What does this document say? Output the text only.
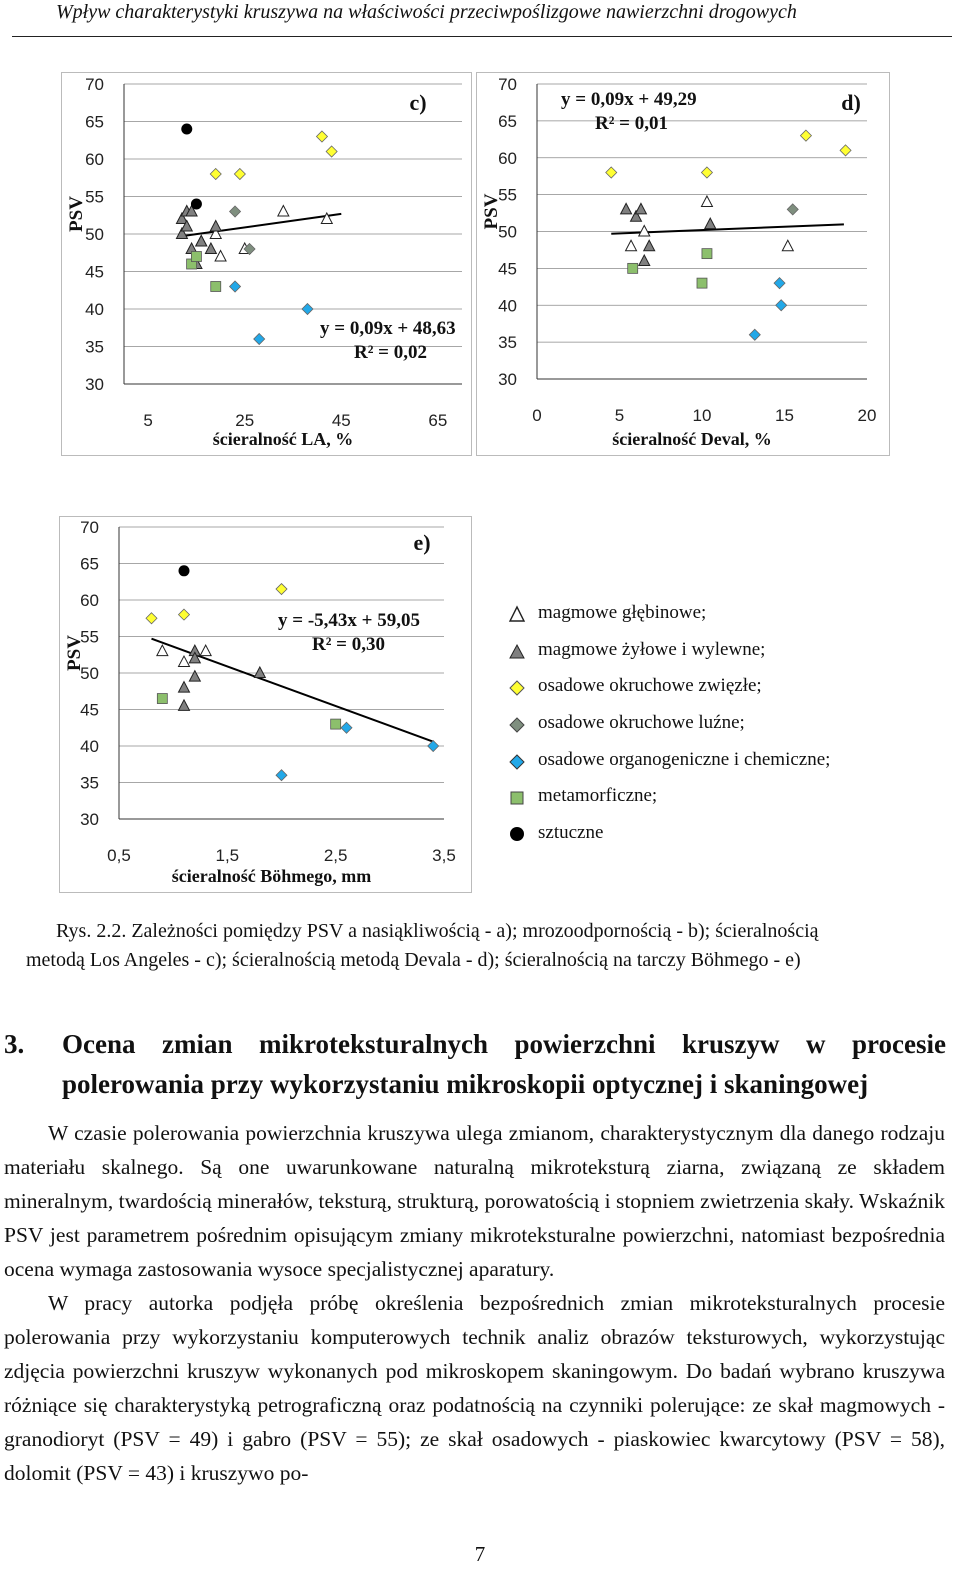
Wpływ charakterystyki kruszywa na właściwości przeciwpoślizgowe nawierzchni drogowych
30
35
40
45
50
55
60
65
70
5	25	45	65
ścieralność LA, %
PSV
c)
y = 0,09x + 48,63
R² = 0,02
30
35
40
45
50
55
60
65
70
0	5	10	15	20
ścieralność Deval, %
PSV
d)
y = 0,09x + 49,29
R² = 0,01
30
35
40
45
50
55
60
65
70
0,5	1,5	2,5	3,5
ścieralność Böhmego, mm
PSV
e)
y = -5,43x + 59,05
R² = 0,30
magmowe głębinowe;
magmowe żyłowe i wylewne;
osadowe okruchowe zwięzłe;
osadowe okruchowe luźne;
osadowe organogeniczne i chemiczne;
metamorficzne;
sztuczne
Rys. 2.2. Zależności pomiędzy PSV a nasiąkliwością - a); mrozoodpornością - b); ścieralnością
metodą Los Angeles - c); ścieralnością metodą Devala - d); ścieralnością na tarczy Böhmego - e)
3. Ocena zmian mikroteksturalnych powierzchni kruszyw w procesie
polerowania przy wykorzystaniu mikroskopii optycznej i skaningowej

W czasie polerowania powierzchnia kruszywa ulega zmianom, charakterystycznym dla danego rodzaju materiału skalnego. Są one uwarunkowane naturalną mikroteksturą ziarna, związaną ze składem mineralnym, twardością minerałów, teksturą, strukturą, porowatością i stopniem zwietrzenia skały. Wskaźnik PSV jest parametrem pośrednim opisującym zmiany mikroteksturalne powierzchni, natomiast bezpośrednia ocena wymaga zastosowania wysoce specjalistycznej aparatury.

W pracy autorka podjęła próbę określenia bezpośrednich zmian mikroteksturalnych procesie polerowania przy wykorzystaniu komputerowych technik analiz obrazów teksturowych, wykorzystując zdjęcia powierzchni kruszyw wykonanych pod mikroskopem skaningowym. Do badań wybrano kruszywa różniące się charakterystyką petrograficzną oraz podatnością na czynniki polerujące: ze skał magmowych - granodioryt (PSV = 49) i gabro (PSV = 55); ze skał osadowych - piaskowiec kwarcytowy (PSV = 58), dolomit (PSV = 43) i kruszywo po-

7
